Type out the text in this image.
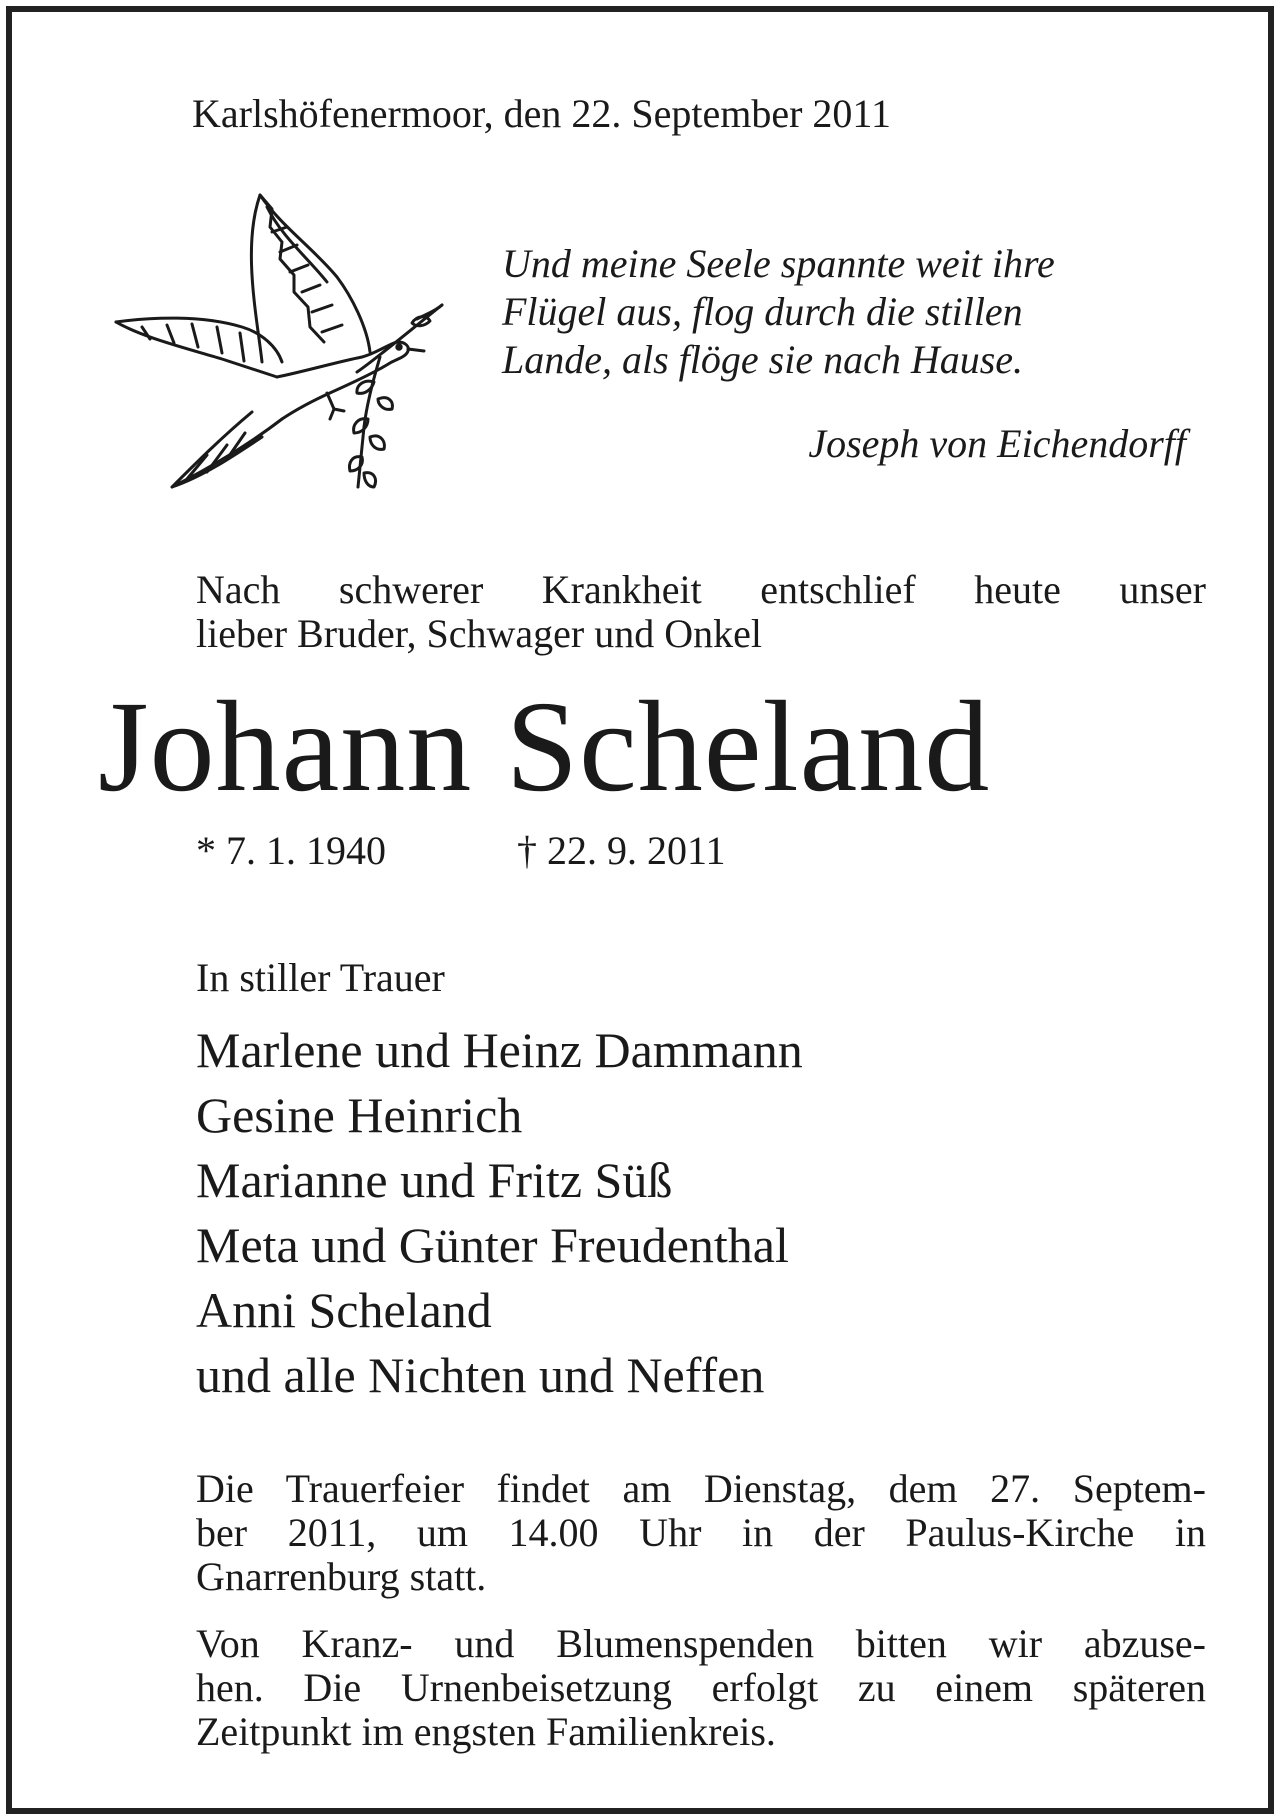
Karlshöfenermoor, den 22. September 2011
Und meine Seele spannte weit ihre
Flügel aus, flog durch die stillen
Lande, als flöge sie nach Hause.
Joseph von Eichendorff
Nach schwerer Krankheit entschlief heute unser
lieber Bruder, Schwager und Onkel
Johann Scheland
* 7. 1. 1940	† 22. 9. 2011
In stiller Trauer
Marlene und Heinz Dammann
Gesine Heinrich
Marianne und Fritz Süß
Meta und Günter Freudenthal
Anni Scheland
und alle Nichten und Neffen
Die Trauerfeier findet am Dienstag, dem 27. Septem-
ber 2011, um 14.00 Uhr in der Paulus-Kirche in
Gnarrenburg statt.
Von Kranz- und Blumenspenden bitten wir abzuse-
hen. Die Urnenbeisetzung erfolgt zu einem späteren
Zeitpunkt im engsten Familienkreis.
